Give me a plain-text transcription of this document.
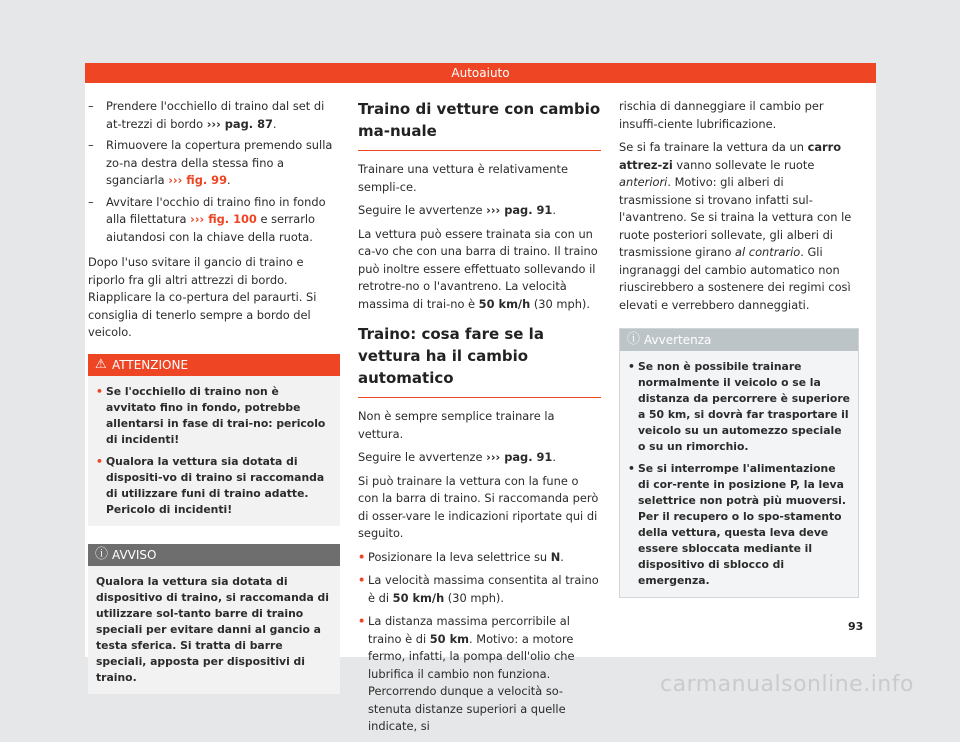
Autoaiuto
– Prendere l'occhiello di traino dal set di at-trezzi di bordo ››› pag. 87.
– Rimuovere la copertura premendo sulla zo-na destra della stessa fino a sganciarla ››› fig. 99.
– Avvitare l'occhio di traino fino in fondo alla filettatura ››› fig. 100 e serrarlo aiutandosi con la chiave della ruota.

Dopo l'uso svitare il gancio di traino e riporlo fra gli altri attrezzi di bordo. Riapplicare la co-pertura del paraurti. Si consiglia di tenerlo sempre a bordo del veicolo.

⚠ ATTENZIONE
• Se l'occhiello di traino non è avvitato fino in fondo, potrebbe allentarsi in fase di trai-no: pericolo di incidenti!
• Qualora la vettura sia dotata di dispositi-vo di traino si raccomanda di utilizzare funi di traino adatte. Pericolo di incidenti!
ⓘ AVVISO
Qualora la vettura sia dotata di dispositivo di traino, si raccomanda di utilizzare sol-tanto barre di traino speciali per evitare danni al gancio a testa sferica. Si tratta di barre speciali, apposta per dispositivi di traino.
Traino di vetture con cambio ma-nuale

Trainare una vettura è relativamente sempli-ce.

Seguire le avvertenze ››› pag. 91.

La vettura può essere trainata sia con un ca-vo che con una barra di traino. Il traino può inoltre essere effettuato sollevando il retrotre-no o l'avantreno. La velocità massima di trai-no è 50 km/h (30 mph).

Traino: cosa fare se la vettura ha il cambio automatico

Non è sempre semplice trainare la vettura.

Seguire le avvertenze ››› pag. 91.

Si può trainare la vettura con la fune o con la barra di traino. Si raccomanda però di osser-vare le indicazioni riportate qui di seguito.

• Posizionare la leva selettrice su N.
• La velocità massima consentita al traino è di 50 km/h (30 mph).
• La distanza massima percorribile al traino è di 50 km. Motivo: a motore fermo, infatti, la pompa dell'olio che lubrifica il cambio non funziona. Percorrendo dunque a velocità so-stenuta distanze superiori a quelle indicate, si

rischia di danneggiare il cambio per insuffi-ciente lubrificazione.

Se si fa trainare la vettura da un carro attrez-zi vanno sollevate le ruote anteriori. Motivo: gli alberi di trasmissione si trovano infatti sul-l'avantreno. Se si traina la vettura con le ruote posteriori sollevate, gli alberi di trasmissione girano al contrario. Gli ingranaggi del cambio automatico non riuscirebbero a sostenere dei regimi così elevati e verrebbero danneggiati.

ⓘ Avvertenza
• Se non è possibile trainare normalmente il veicolo o se la distanza da percorrere è superiore a 50 km, si dovrà far trasportare il veicolo su un automezzo speciale o su un rimorchio.
• Se si interrompe l'alimentazione di cor-rente in posizione P, la leva selettrice non potrà più muoversi. Per il recupero o lo spo-stamento della vettura, questa leva deve essere sbloccata mediante il dispositivo di sblocco di emergenza.
93
carmanualsonline.info
